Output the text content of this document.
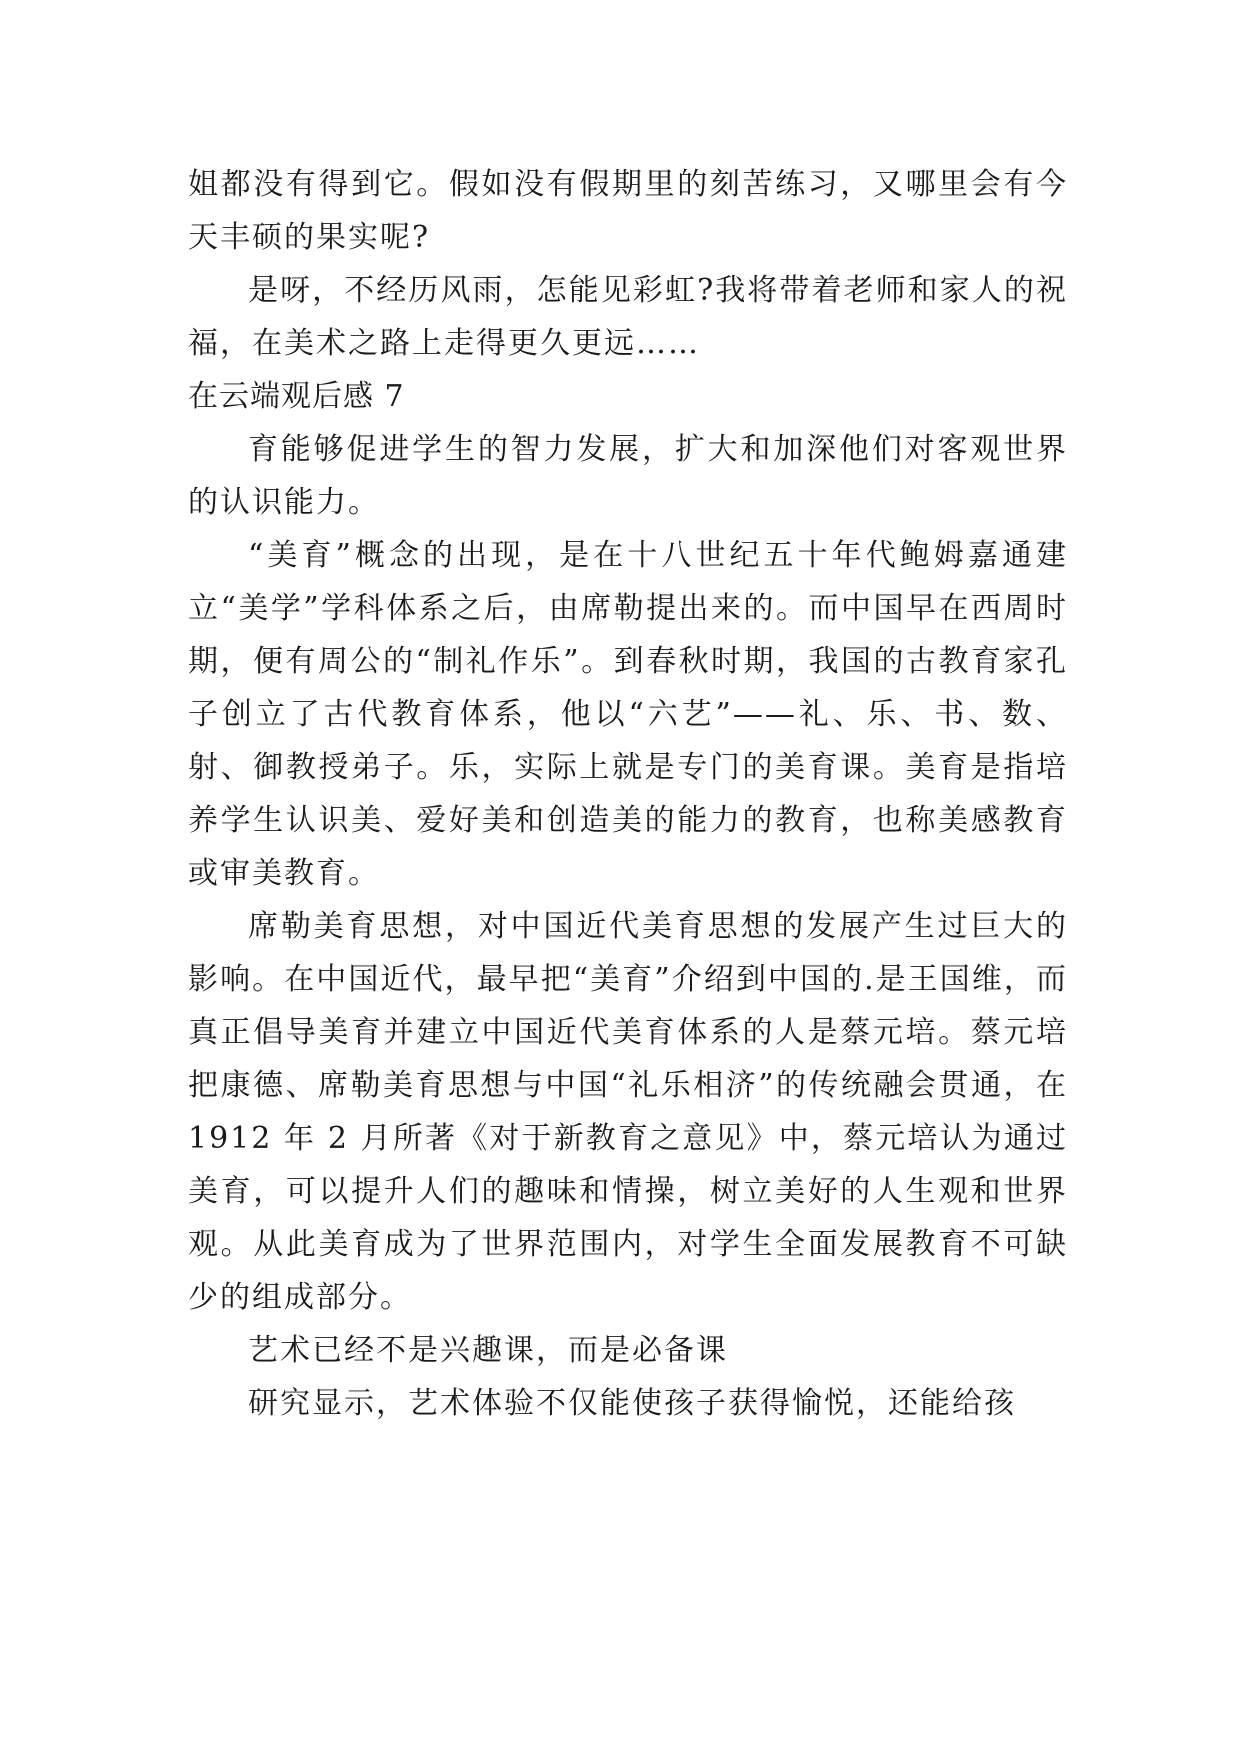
姐都没有得到它。假如没有假期里的刻苦练习，又哪里会有今天丰硕的果实呢?

是呀，不经历风雨，怎能见彩虹?我将带着老师和家人的祝福，在美术之路上走得更久更远……

在云端观后感 7

育能够促进学生的智力发展，扩大和加深他们对客观世界的认识能力。

“美育”概念的出现，是在十八世纪五十年代鲍姆嘉通建立“美学”学科体系之后，由席勒提出来的。而中国早在西周时期，便有周公的“制礼作乐”。到春秋时期，我国的古教育家孔子创立了古代教育体系，他以“六艺”——礼、乐、书、数、射、御教授弟子。乐，实际上就是专门的美育课。美育是指培养学生认识美、爱好美和创造美的能力的教育，也称美感教育或审美教育。

席勒美育思想，对中国近代美育思想的发展产生过巨大的影响。在中国近代，最早把“美育”介绍到中国的.是王国维，而真正倡导美育并建立中国近代美育体系的人是蔡元培。蔡元培把康德、席勒美育思想与中国“礼乐相济”的传统融会贯通，在 1912 年 2 月所著《对于新教育之意见》中，蔡元培认为通过美育，可以提升人们的趣味和情操，树立美好的人生观和世界观。从此美育成为了世界范围内，对学生全面发展教育不可缺少的组成部分。

艺术已经不是兴趣课，而是必备课

研究显示，艺术体验不仅能使孩子获得愉悦，还能给孩
